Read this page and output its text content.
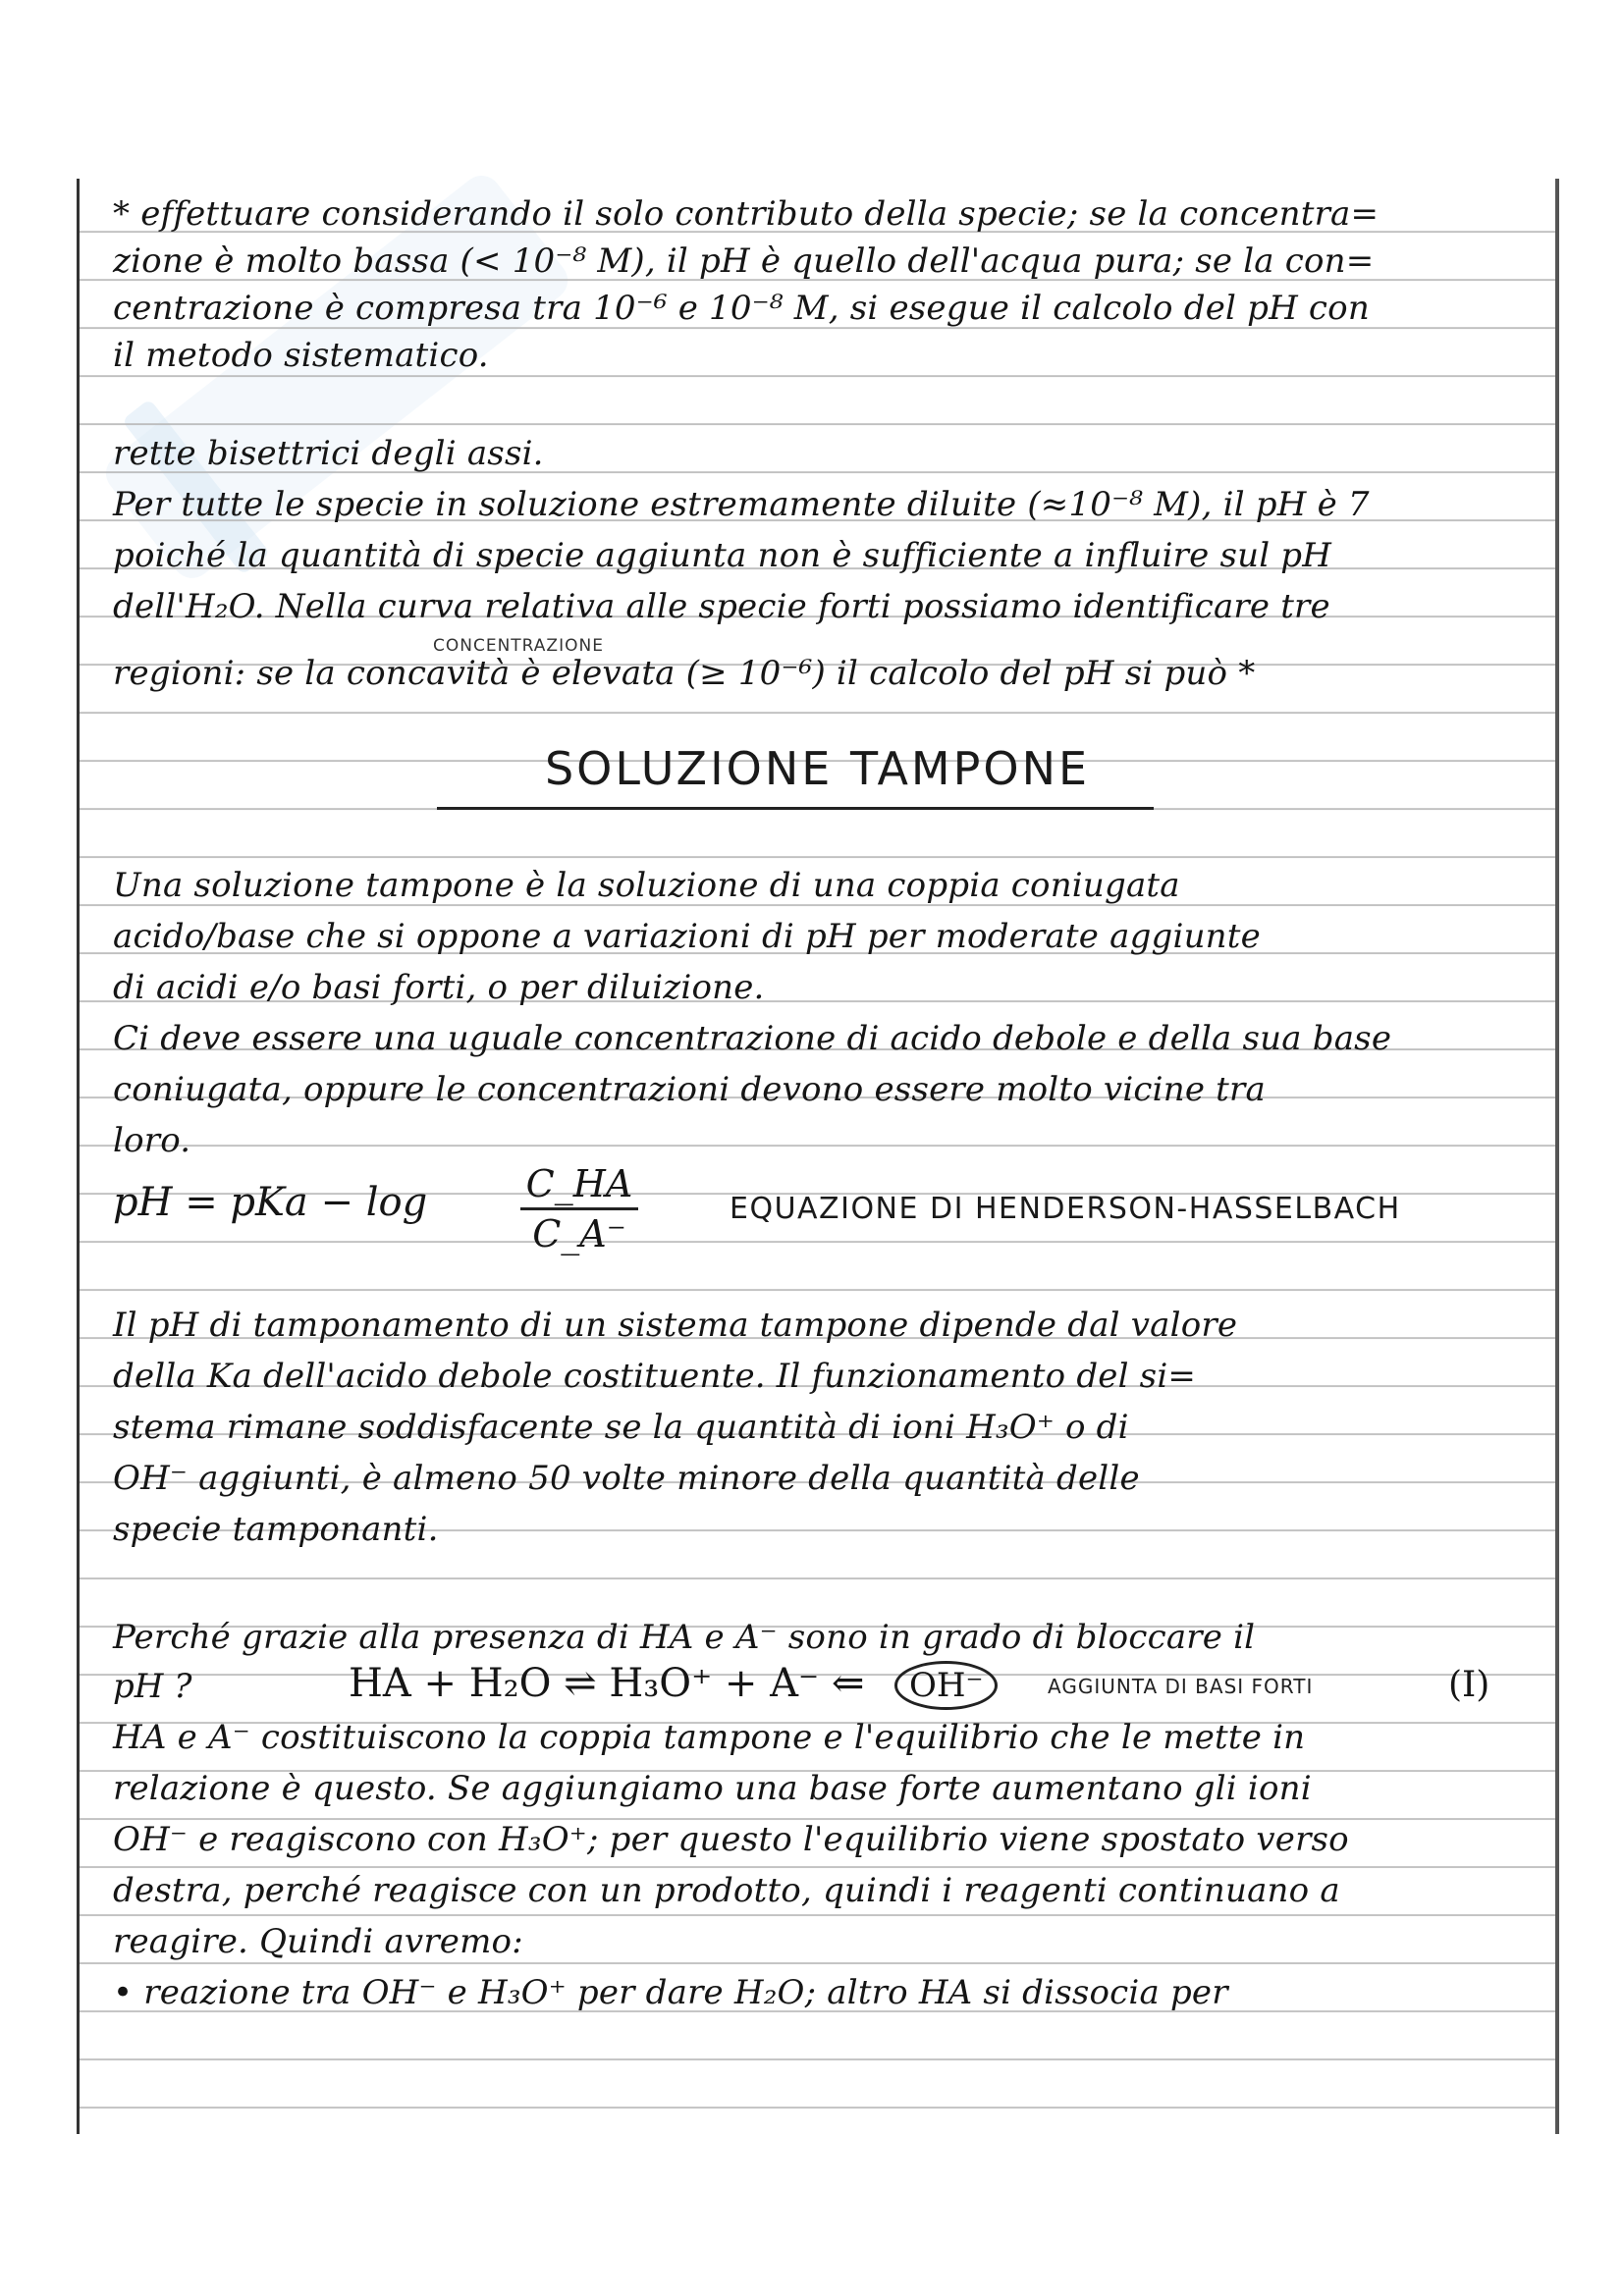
* effettuare considerando il solo contributo della specie; se la concentra=
zione è molto bassa (< 10⁻⁸ M), il pH è quello dell'acqua pura; se la con=
centrazione è compresa tra 10⁻⁶ e 10⁻⁸ M, si esegue il calcolo del pH con
il metodo sistematico.
rette bisettrici degli assi.
Per tutte le specie in soluzione estremamente diluite (≈10⁻⁸ M), il pH è 7
poiché la quantità di specie aggiunta non è sufficiente a influire sul pH
dell'H₂O. Nella curva relativa alle specie forti possiamo identificare tre
CONCENTRAZIONE
regioni: se la concavità è elevata (≥ 10⁻⁶) il calcolo del pH si può *
SOLUZIONE TAMPONE
Una soluzione tampone è la soluzione di una coppia coniugata
acido/base che si oppone a variazioni di pH per moderate aggiunte
di acidi e/o basi forti, o per diluizione.
Ci deve essere una uguale concentrazione di acido debole e della sua base
coniugata, oppure le concentrazioni devono essere molto vicine tra
loro.
pH = pKa − $\log \frac{C\_HA}{C\_A^-}$	EQUAZIONE DI HENDERSON-HASSELBACH
Il pH di tamponamento di un sistema tampone dipende dal valore
della Ka dell'acido debole costituente. Il funzionamento del si=
stema rimane soddisfacente se la quantità di ioni H₃O⁺ o di
OH⁻ aggiunti, è almeno 50 volte minore della quantità delle
specie tamponanti.
Perché grazie alla presenza di HA e A⁻ sono in grado di bloccare il
pH ?	HA + H₂O ⇌ H₃O⁺ + A⁻ ⇐	OH⁻	AGGIUNTA DI BASI FORTI	(I)
HA e A⁻ costituiscono la coppia tampone e l'equilibrio che le mette in
relazione è questo. Se aggiungiamo una base forte aumentano gli ioni
OH⁻ e reagiscono con H₃O⁺; per questo l'equilibrio viene spostato verso
destra, perché reagisce con un prodotto, quindi i reagenti continuano a
reagire. Quindi avremo:
• reazione tra OH⁻ e H₃O⁺ per dare H₂O; altro HA si dissocia per
